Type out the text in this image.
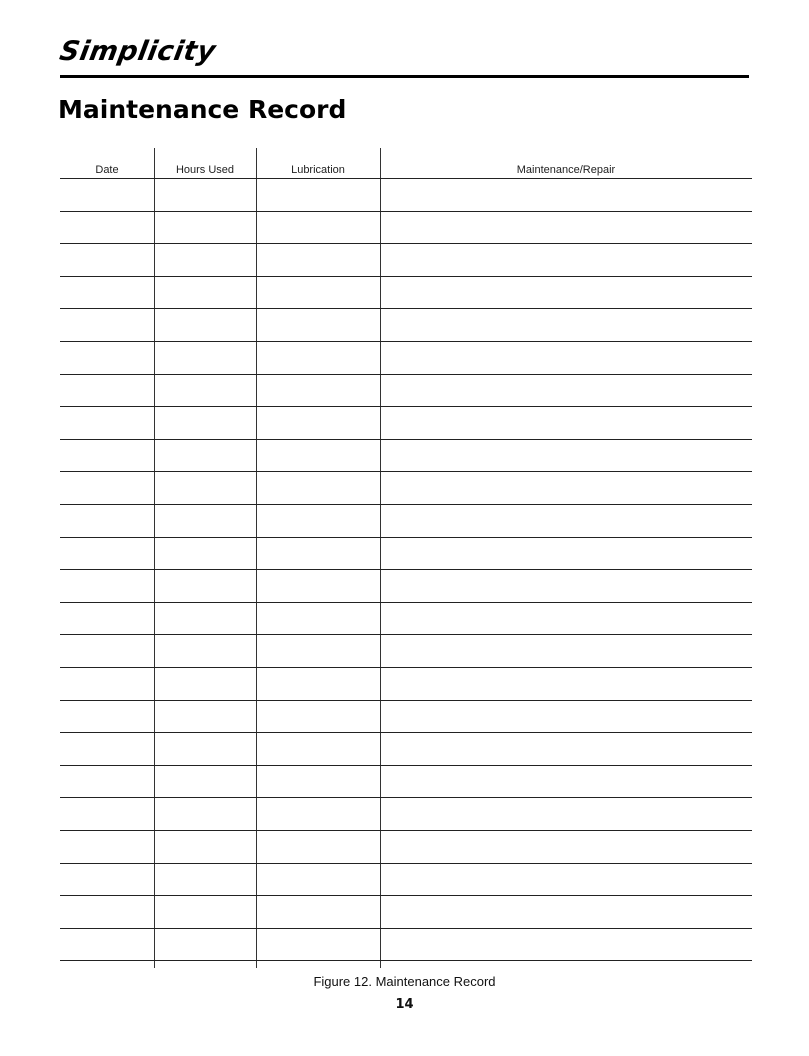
Simplicity
Maintenance Record
Date	Hours Used	Lubrication	Maintenance/Repair
Figure 12. Maintenance Record
14
